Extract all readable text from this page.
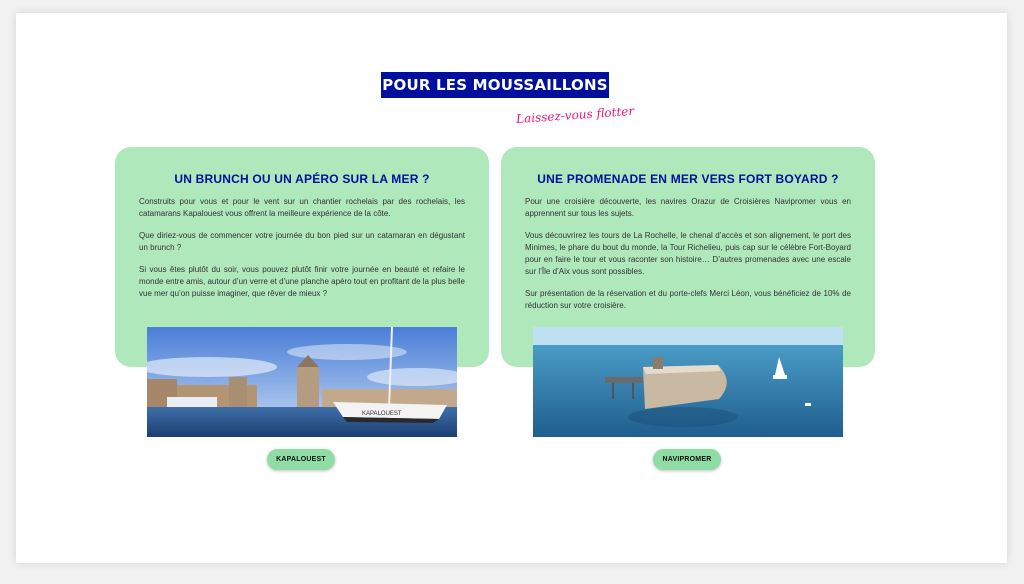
POUR LES MOUSSAILLONS
Laissez-vous flotter
UN BRUNCH OU UN APÉRO SUR LA MER ?

Construits pour vous et pour le vent sur un chantier rochelais par des rochelais, les catamarans Kapalouest vous offrent la meilleure expérience de la côte.

Que diriez-vous de commencer votre journée du bon pied sur un catamaran en dégustant un brunch ?

Si vous êtes plutôt du soir, vous pouvez plutôt finir votre journée en beauté et refaire le monde entre amis, autour d’un verre et d’une planche apéro tout en profitant de la plus belle vue mer qu’on puisse imaginer, que rêver de mieux ?

KAPALOUEST
KAPALOUEST
UNE PROMENADE EN MER VERS FORT BOYARD ?

Pour une croisière découverte, les navires Orazur de Croisières Navipromer vous en apprennent sur tous les sujets.

Vous découvrirez les tours de La Rochelle, le chenal d’accès et son alignement, le port des Minimes, le phare du bout du monde, la Tour Richelieu, puis cap sur le célèbre Fort-Boyard pour en faire le tour et vous raconter son histoire… D’autres promenades avec une escale sur l’Île d’Aix vous sont possibles.

Sur présentation de la réservation et du porte-clefs Merci Léon, vous bénéficiez de 10% de réduction sur votre croisière.

NAVIPROMER
